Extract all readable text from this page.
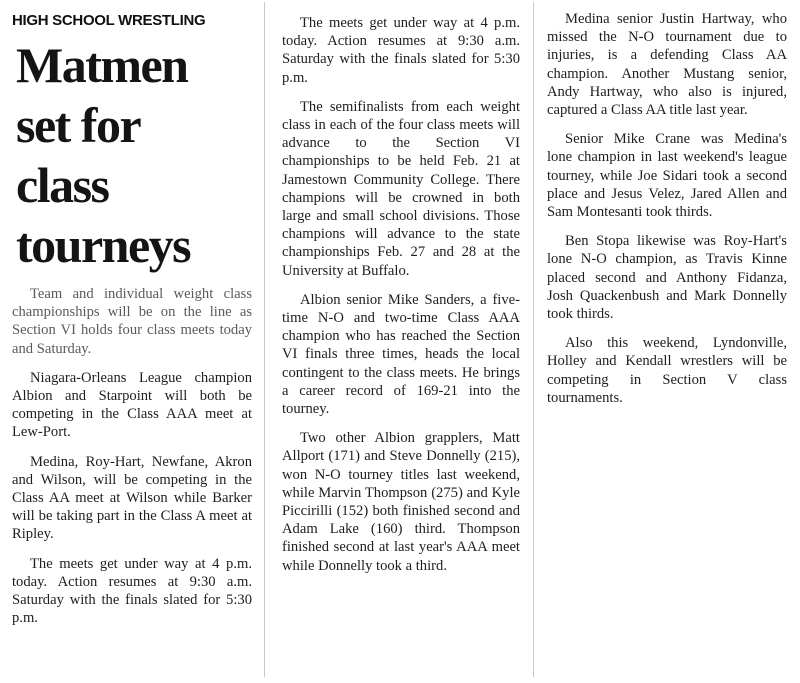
HIGH SCHOOL WRESTLING
Matmen
set for
class
tourneys

Team and individual weight class championships will be on the line as Section VI holds four class meets today and Saturday.

Niagara-Orleans League champion Albion and Starpoint will both be competing in the Class AAA meet at Lew-Port.

Medina, Roy-Hart, Newfane, Akron and Wilson, will be competing in the Class AA meet at Wilson while Barker will be taking part in the Class A meet at Ripley.

The meets get under way at 4 p.m. today. Action resumes at 9:30 a.m. Saturday with the finals slated for 5:30 p.m.

The meets get under way at 4 p.m. today. Action resumes at 9:30 a.m. Saturday with the finals slated for 5:30 p.m.

The semifinalists from each weight class in each of the four class meets will advance to the Section VI championships to be held Feb. 21 at Jamestown Community College. There champions will be crowned in both large and small school divisions. Those champions will advance to the state championships Feb. 27 and 28 at the University at Buffalo.

Albion senior Mike Sanders, a five-time N-O and two-time Class AAA champion who has reached the Section VI finals three times, heads the local contingent to the class meets. He brings a career record of 169-21 into the tourney.

Two other Albion grapplers, Matt Allport (171) and Steve Donnelly (215), won N-O tourney titles last weekend, while Marvin Thompson (275) and Kyle Piccirilli (152) both finished second and Adam Lake (160) third. Thompson finished second at last year's AAA meet while Donnelly took a third.

Medina senior Justin Hartway, who missed the N-O tournament due to injuries, is a defending Class AA champion. Another Mustang senior, Andy Hartway, who also is injured, captured a Class AA title last year.

Senior Mike Crane was Medina's lone champion in last weekend's league tourney, while Joe Sidari took a second place and Jesus Velez, Jared Allen and Sam Montesanti took thirds.

Ben Stopa likewise was Roy-Hart's lone N-O champion, as Travis Kinne placed second and Anthony Fidanza, Josh Quackenbush and Mark Donnelly took thirds.

Also this weekend, Lyndonville, Holley and Kendall wrestlers will be competing in Section V class tournaments.
